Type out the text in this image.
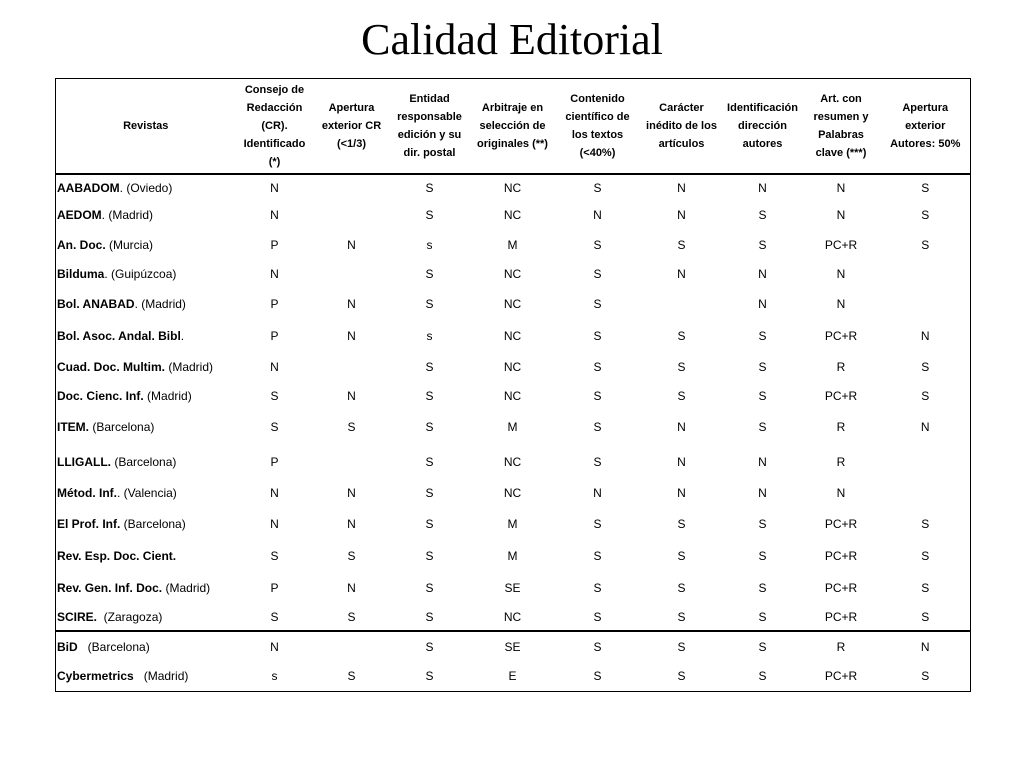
Calidad Editorial
Revistas	Consejo de Redacción (CR). Identificado (*)	Apertura exterior CR (<1/3)	Entidad responsable edición y su dir. postal	Arbitraje en selección de originales (**)	Contenido científico de los textos (<40%)	Carácter inédito de los artículos	Identificación dirección autores	Art. con resumen y Palabras clave (***)	Apertura exterior Autores: 50%
AABADOM. (Oviedo)	N		S	NC	S	N	N	N	S
AEDOM. (Madrid)	N		S	NC	N	N	S	N	S
An. Doc. (Murcia)	P	N	s	M	S	S	S	PC+R	S
Bilduma. (Guipúzcoa)	N		S	NC	S	N	N	N	
Bol. ANABAD. (Madrid)	P	N	S	NC	S		N	N	
Bol. Asoc. Andal. Bibl.	P	N	s	NC	S	S	S	PC+R	N
Cuad. Doc. Multim. (Madrid)	N		S	NC	S	S	S	R	S
Doc. Cienc. Inf. (Madrid)	S	N	S	NC	S	S	S	PC+R	S
ITEM. (Barcelona)	S	S	S	M	S	N	S	R	N
LLIGALL. (Barcelona)	P		S	NC	S	N	N	R	
Métod. Inf.. (Valencia)	N	N	S	NC	N	N	N	N	
El Prof. Inf. (Barcelona)	N	N	S	M	S	S	S	PC+R	S
Rev. Esp. Doc. Cient.	S	S	S	M	S	S	S	PC+R	S
Rev. Gen. Inf. Doc. (Madrid)	P	N	S	SE	S	S	S	PC+R	S
SCIRE.  (Zaragoza)	S	S	S	NC	S	S	S	PC+R	S
BiD   (Barcelona)	N		S	SE	S	S	S	R	N
Cybermetrics   (Madrid)	s	S	S	E	S	S	S	PC+R	S
